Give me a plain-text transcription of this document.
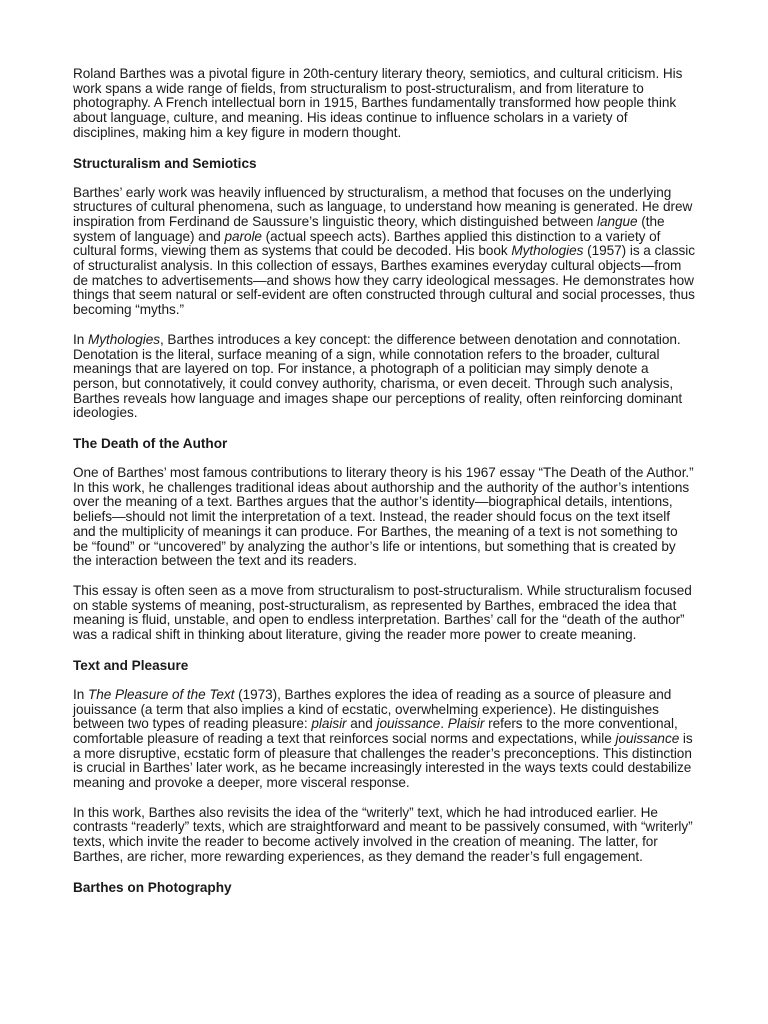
Roland Barthes was a pivotal figure in 20th-century literary theory, semiotics, and cultural criticism. His work spans a wide range of fields, from structuralism to post-structuralism, and from literature to photography. A French intellectual born in 1915, Barthes fundamentally transformed how people think about language, culture, and meaning. His ideas continue to influence scholars in a variety of disciplines, making him a key figure in modern thought.

Structuralism and Semiotics

Barthes’ early work was heavily influenced by structuralism, a method that focuses on the underlying structures of cultural phenomena, such as language, to understand how meaning is generated. He drew inspiration from Ferdinand de Saussure’s linguistic theory, which distinguished between langue (the system of language) and parole (actual speech acts). Barthes applied this distinction to a variety of cultural forms, viewing them as systems that could be decoded. His book Mythologies (1957) is a classic of structuralist analysis. In this collection of essays, Barthes examines everyday cultural objects—from de matches to advertisements—and shows how they carry ideological messages. He demonstrates how things that seem natural or self-evident are often constructed through cultural and social processes, thus becoming “myths.”

In Mythologies, Barthes introduces a key concept: the difference between denotation and connotation. Denotation is the literal, surface meaning of a sign, while connotation refers to the broader, cultural meanings that are layered on top. For instance, a photograph of a politician may simply denote a person, but connotatively, it could convey authority, charisma, or even deceit. Through such analysis, Barthes reveals how language and images shape our perceptions of reality, often reinforcing dominant ideologies.

The Death of the Author

One of Barthes’ most famous contributions to literary theory is his 1967 essay “The Death of the Author.” In this work, he challenges traditional ideas about authorship and the authority of the author’s intentions over the meaning of a text. Barthes argues that the author’s identity—biographical details, intentions, beliefs—should not limit the interpretation of a text. Instead, the reader should focus on the text itself and the multiplicity of meanings it can produce. For Barthes, the meaning of a text is not something to be “found” or “uncovered” by analyzing the author’s life or intentions, but something that is created by the interaction between the text and its readers.

This essay is often seen as a move from structuralism to post-structuralism. While structuralism focused on stable systems of meaning, post-structuralism, as represented by Barthes, embraced the idea that meaning is fluid, unstable, and open to endless interpretation. Barthes’ call for the “death of the author” was a radical shift in thinking about literature, giving the reader more power to create meaning.

Text and Pleasure

In The Pleasure of the Text (1973), Barthes explores the idea of reading as a source of pleasure and jouissance (a term that also implies a kind of ecstatic, overwhelming experience). He distinguishes between two types of reading pleasure: plaisir and jouissance. Plaisir refers to the more conventional, comfortable pleasure of reading a text that reinforces social norms and expectations, while jouissance is a more disruptive, ecstatic form of pleasure that challenges the reader’s preconceptions. This distinction is crucial in Barthes’ later work, as he became increasingly interested in the ways texts could destabilize meaning and provoke a deeper, more visceral response.

In this work, Barthes also revisits the idea of the “writerly” text, which he had introduced earlier. He contrasts “readerly” texts, which are straightforward and meant to be passively consumed, with “writerly” texts, which invite the reader to become actively involved in the creation of meaning. The latter, for Barthes, are richer, more rewarding experiences, as they demand the reader’s full engagement.

Barthes on Photography
